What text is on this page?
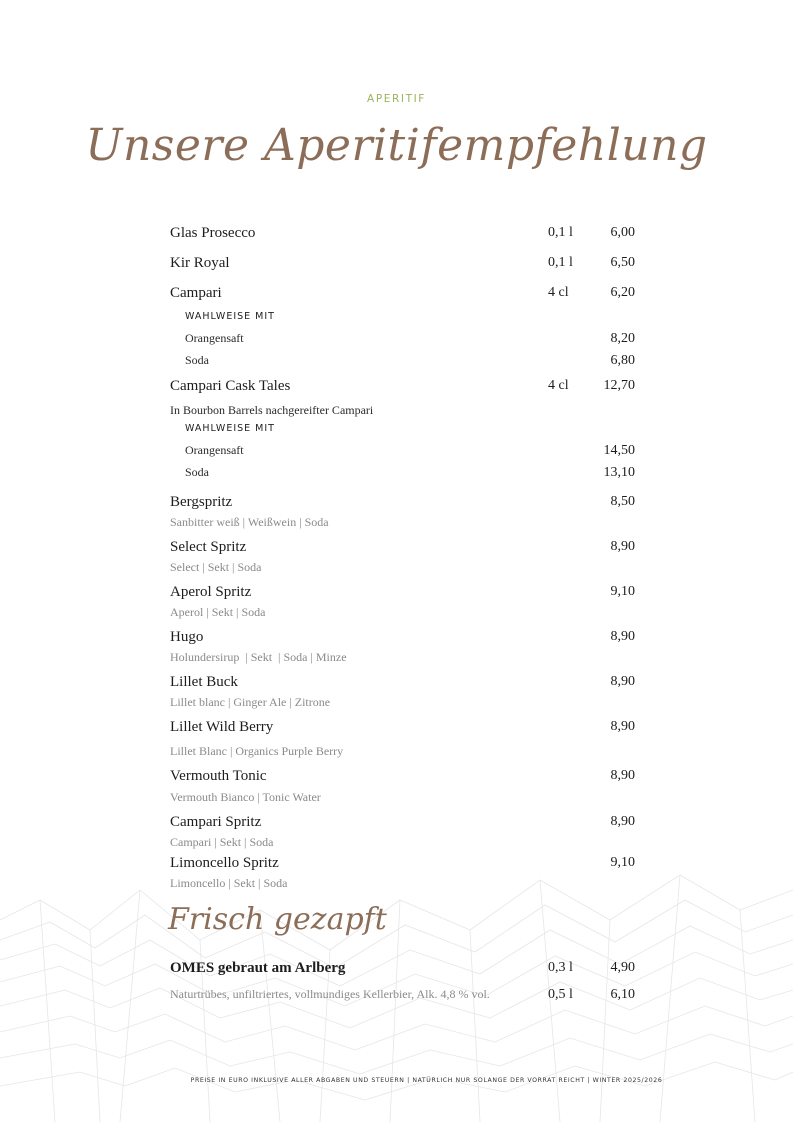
APERITIF
Unsere Aperitifempfehlung
Glas Prosecco	0,1 l	6,00
Kir Royal	0,1 l	6,50
Campari	4 cl	6,20
WAHLWEISE MIT
Orangensaft	8,20
Soda	6,80
Campari Cask Tales	4 cl	12,70
In Bourbon Barrels nachgereifter Campari
WAHLWEISE MIT
Orangensaft	14,50
Soda	13,10
Bergspritz	8,50
Sanbitter weiß | Weißwein | Soda
Select Spritz	8,90
Select | Sekt | Soda
Aperol Spritz	9,10
Aperol | Sekt | Soda
Hugo	8,90
Holundersirup  | Sekt  | Soda | Minze
Lillet Buck	8,90
Lillet blanc | Ginger Ale | Zitrone
Lillet Wild Berry	8,90
Lillet Blanc | Organics Purple Berry
Vermouth Tonic	8,90
Vermouth Bianco | Tonic Water
Campari Spritz	8,90
Campari | Sekt | Soda
Limoncello Spritz	9,10
Limoncello | Sekt | Soda
Frisch gezapft
OMES gebraut am Arlberg	0,3 l	4,90
Naturtrübes, unfiltriertes, vollmundiges Kellerbier, Alk. 4,8 % vol.	0,5 l	6,10
PREISE IN EURO INKLUSIVE ALLER ABGABEN UND STEUERN | NATÜRLICH NUR SOLANGE DER VORRAT REICHT | WINTER 2025/2026
